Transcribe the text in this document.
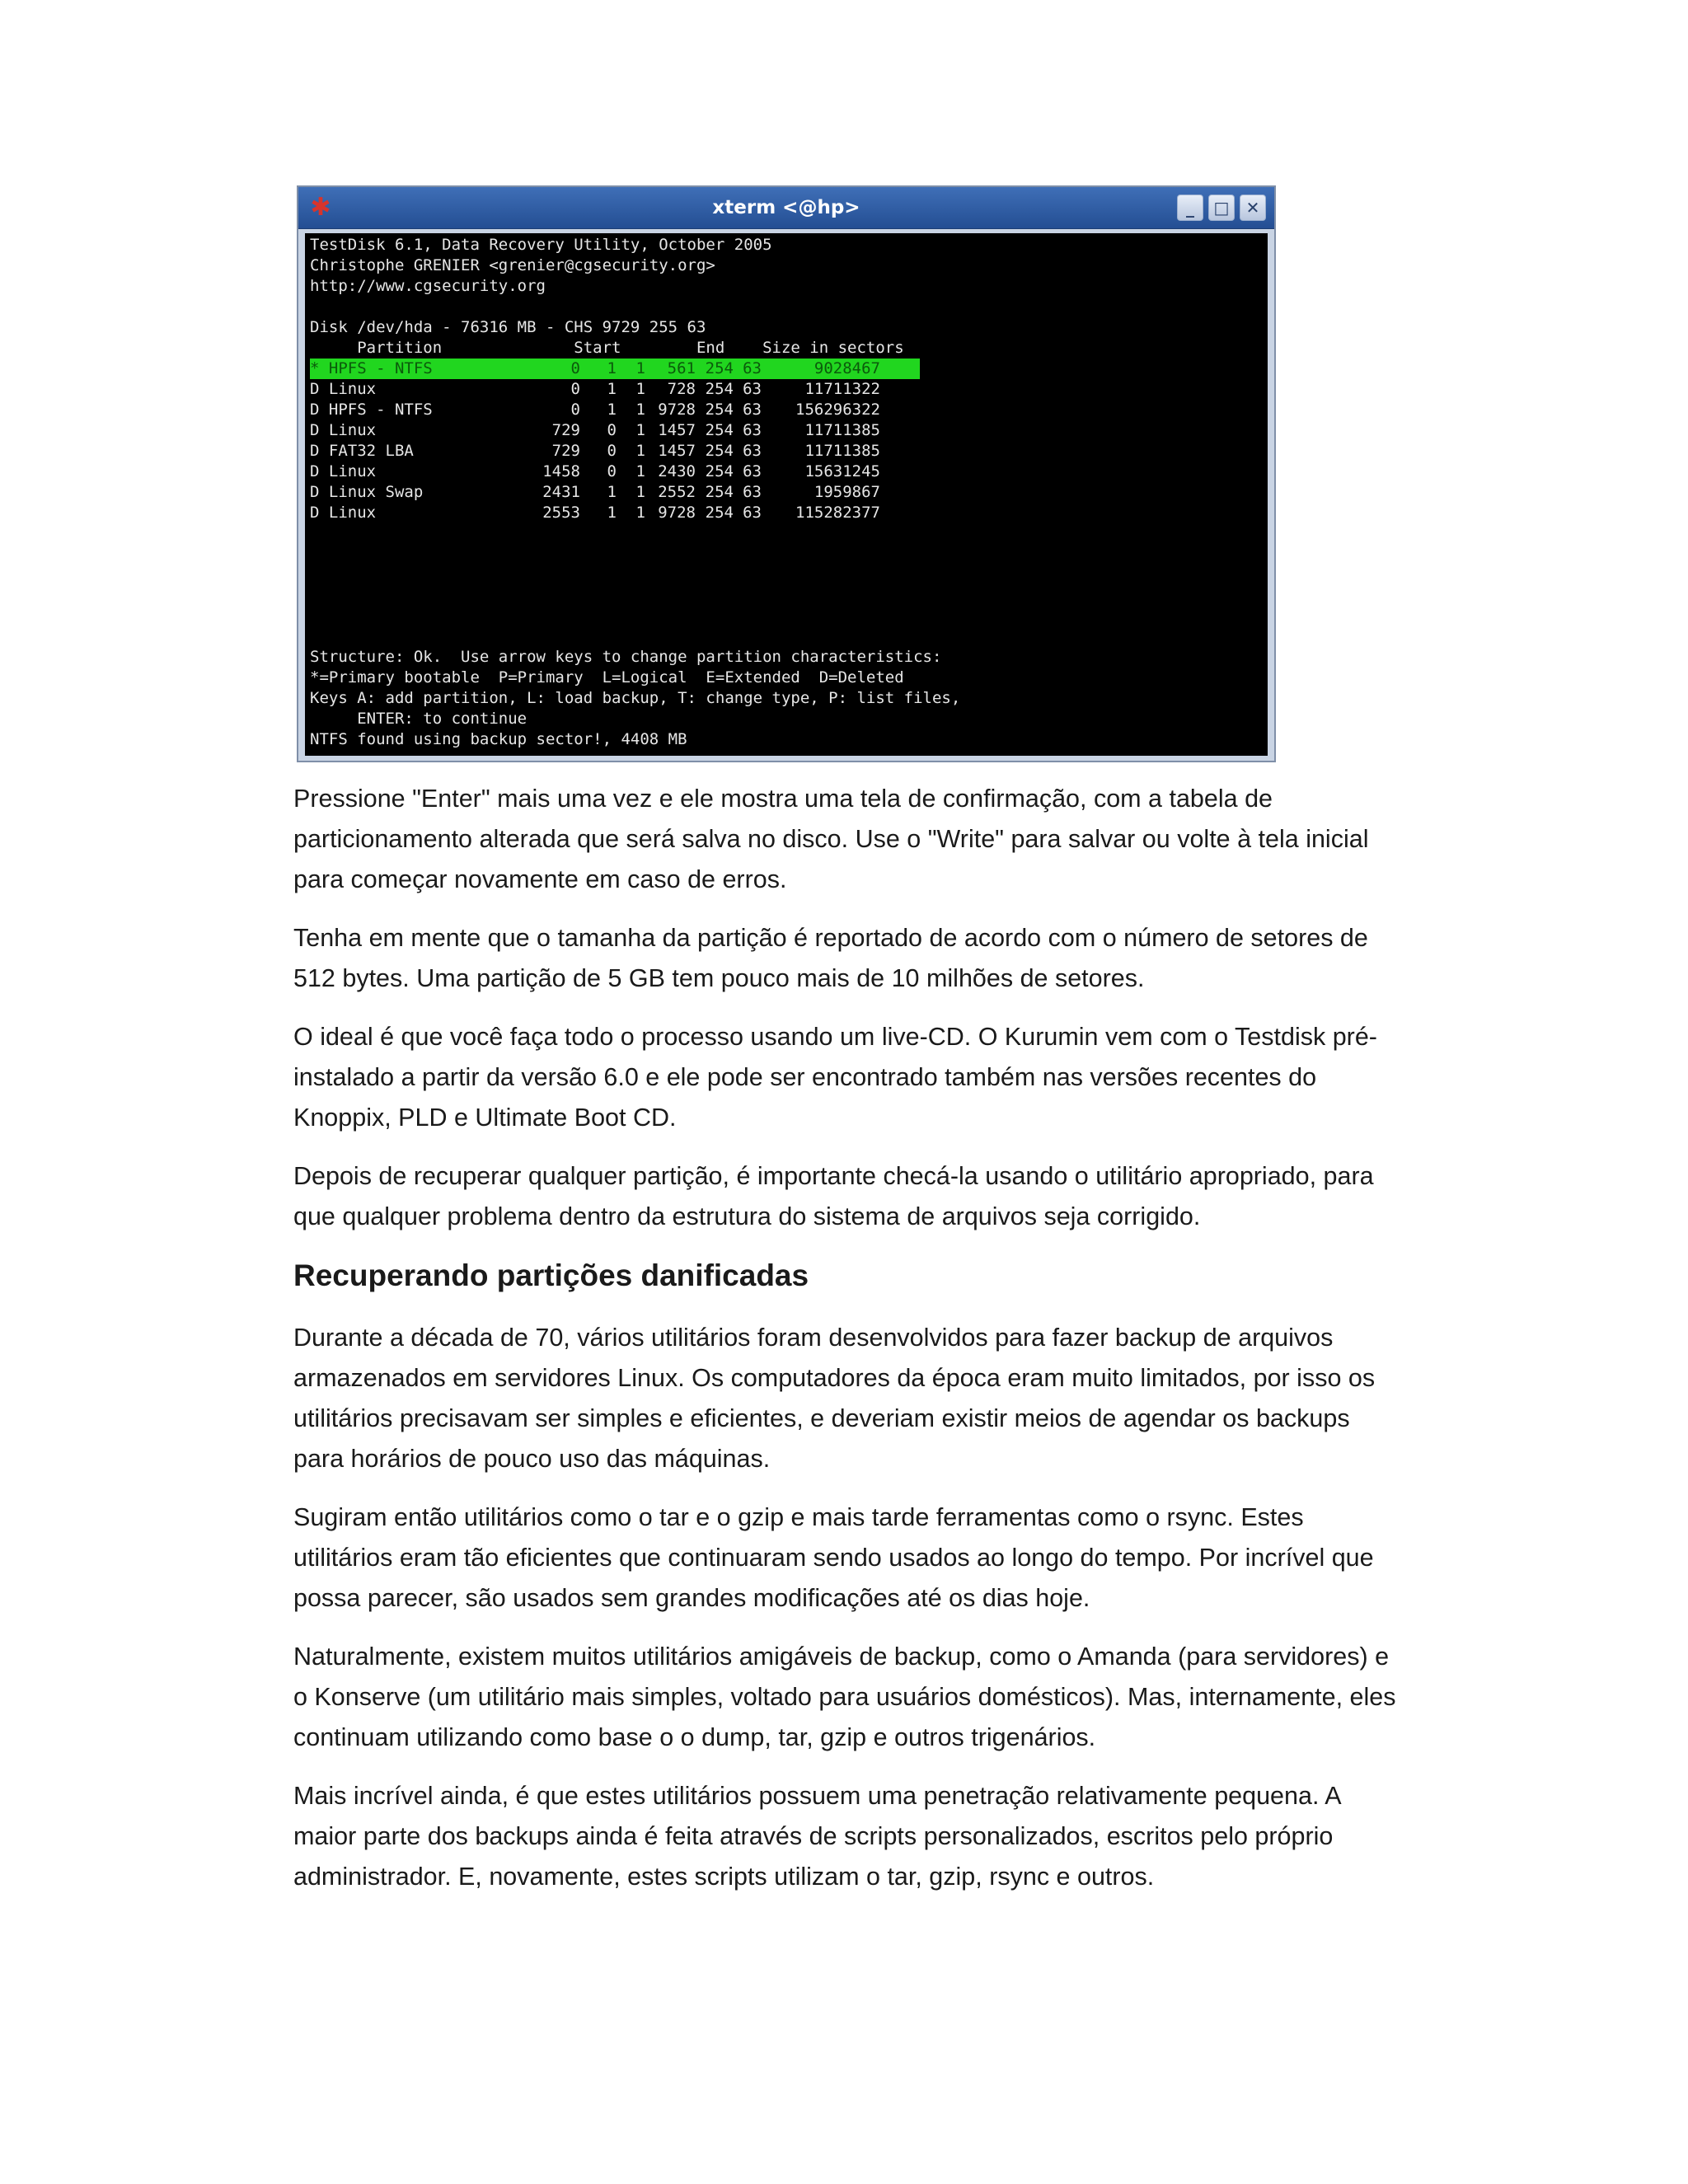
✱	xterm <@hp>	_	□	✕
TestDisk 6.1, Data Recovery Utility, October 2005
Christophe GRENIER <grenier@cgsecurity.org>
http://www.cgsecurity.org
Disk /dev/hda - 76316 MB - CHS 9729 255 63
Partition              Start        End    Size in sectors
* HPFS - NTFS	0	1	1	561 254 63	9028467
D Linux	0	1	1	728 254 63	11711322
D HPFS - NTFS	0	1	1 9728 254 63	156296322
D Linux	729	0	1 1457 254 63	11711385
D FAT32 LBA	729	0	1 1457 254 63	11711385
D Linux	1458	0	1 2430 254 63	15631245
D Linux Swap	2431	1	1 2552 254 63	1959867
D Linux	2553	1	1 9728 254 63	115282377
Structure: Ok.  Use arrow keys to change partition characteristics:
*=Primary bootable  P=Primary  L=Logical  E=Extended  D=Deleted
Keys A: add partition, L: load backup, T: change type, P: list files,
ENTER: to continue
NTFS found using backup sector!, 4408 MB

Pressione "Enter" mais uma vez e ele mostra uma tela de confirmação, com a tabela de particionamento alterada que será salva no disco. Use o "Write" para salvar ou volte à tela inicial para começar novamente em caso de erros.

Tenha em mente que o tamanha da partição é reportado de acordo com o número de setores de 512 bytes. Uma partição de 5 GB tem pouco mais de 10 milhões de setores.

O ideal é que você faça todo o processo usando um live-CD. O Kurumin vem com o Testdisk pré-instalado a partir da versão 6.0 e ele pode ser encontrado também nas versões recentes do Knoppix, PLD e Ultimate Boot CD.

Depois de recuperar qualquer partição, é importante checá-la usando o utilitário apropriado, para que qualquer problema dentro da estrutura do sistema de arquivos seja corrigido.

Recuperando partições danificadas

Durante a década de 70, vários utilitários foram desenvolvidos para fazer backup de arquivos armazenados em servidores Linux. Os computadores da época eram muito limitados, por isso os utilitários precisavam ser simples e eficientes, e deveriam existir meios de agendar os backups para horários de pouco uso das máquinas.

Sugiram então utilitários como o tar e o gzip e mais tarde ferramentas como o rsync. Estes utilitários eram tão eficientes que continuaram sendo usados ao longo do tempo. Por incrível que possa parecer, são usados sem grandes modificações até os dias hoje.

Naturalmente, existem muitos utilitários amigáveis de backup, como o Amanda (para servidores) e o Konserve (um utilitário mais simples, voltado para usuários domésticos). Mas, internamente, eles continuam utilizando como base o o dump, tar, gzip e outros trigenários.

Mais incrível ainda, é que estes utilitários possuem uma penetração relativamente pequena. A maior parte dos backups ainda é feita através de scripts personalizados, escritos pelo próprio administrador. E, novamente, estes scripts utilizam o tar, gzip, rsync e outros.
